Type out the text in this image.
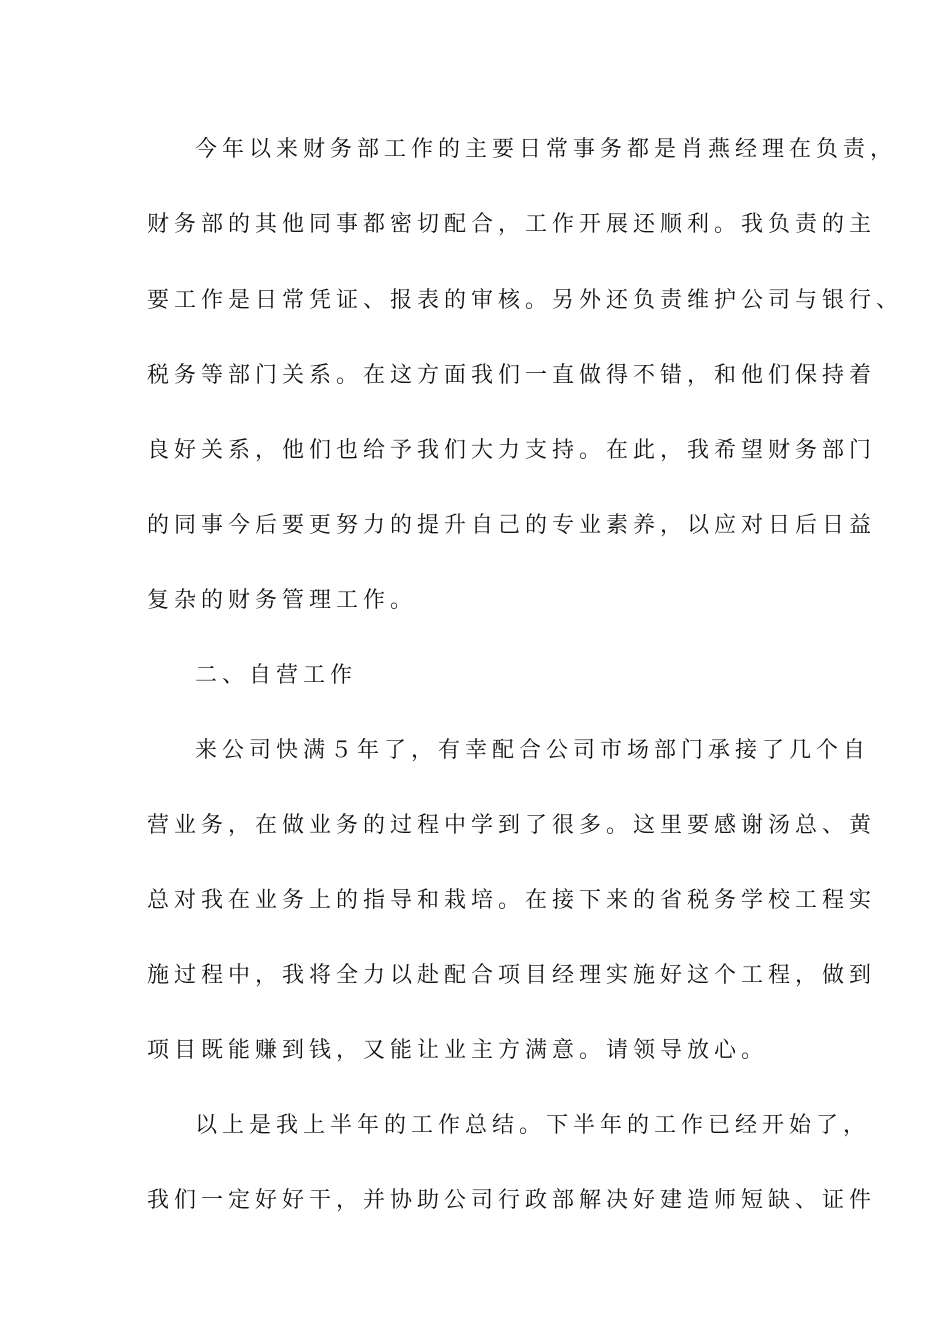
今年以来财务部工作的主要日常事务都是肖燕经理在负责，
财务部的其他同事都密切配合，工作开展还顺利。我负责的主
要工作是日常凭证、报表的审核。另外还负责维护公司与银行、
税务等部门关系。在这方面我们一直做得不错，和他们保持着
良好关系，他们也给予我们大力支持。在此，我希望财务部门
的同事今后要更努力的提升自己的专业素养，以应对日后日益
复杂的财务管理工作。
二、自营工作
来公司快满５年了，有幸配合公司市场部门承接了几个自
营业务，在做业务的过程中学到了很多。这里要感谢汤总、黄
总对我在业务上的指导和栽培。在接下来的省税务学校工程实
施过程中，我将全力以赴配合项目经理实施好这个工程，做到
项目既能赚到钱，又能让业主方满意。请领导放心。
以上是我上半年的工作总结。下半年的工作已经开始了，
我们一定好好干，并协助公司行政部解决好建造师短缺、证件
